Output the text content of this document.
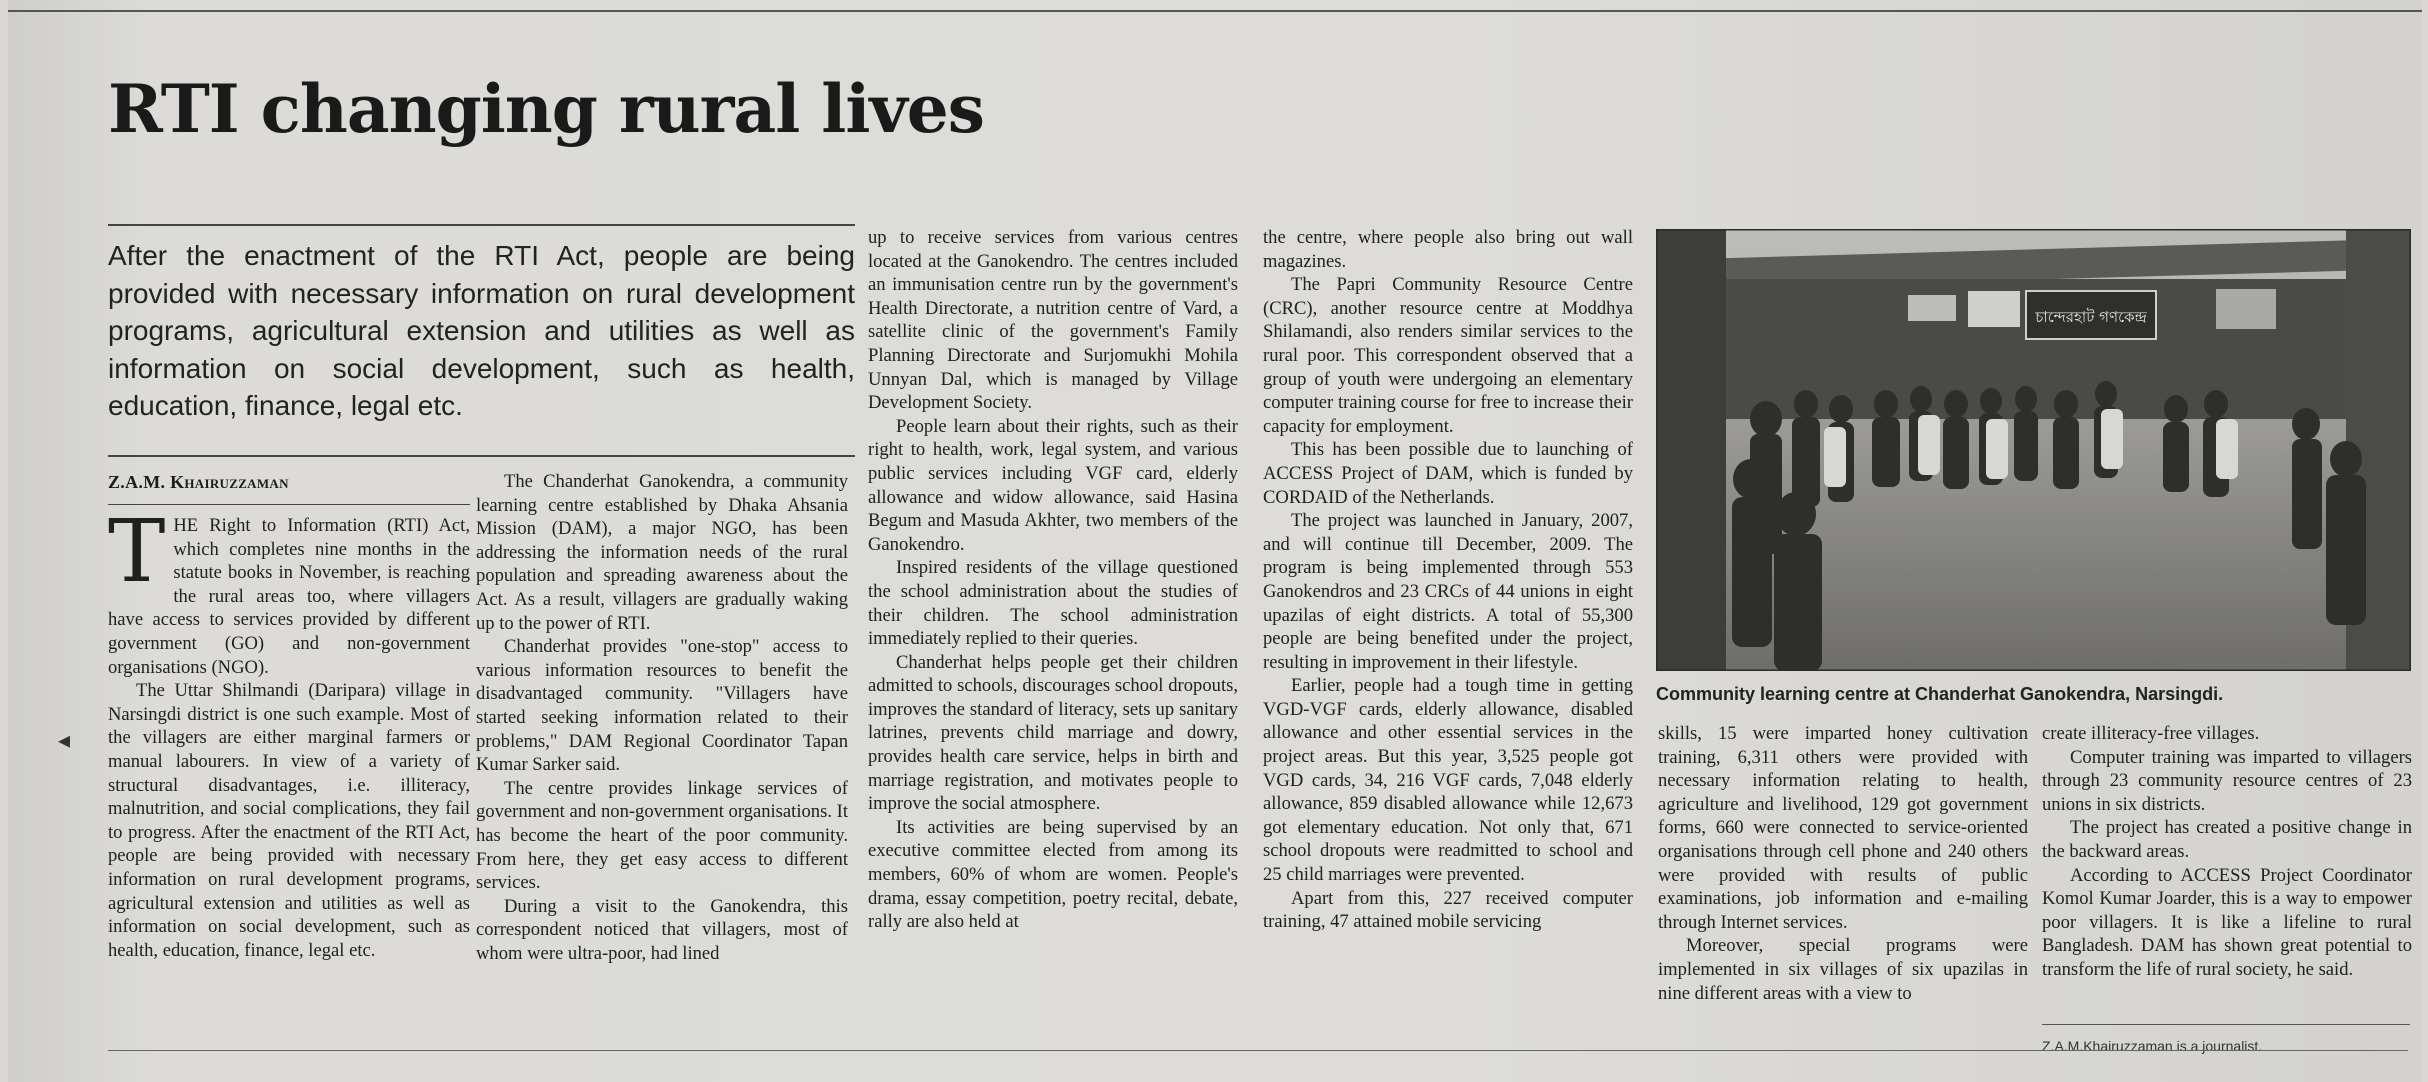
◂
RTI changing rural lives

After the enactment of the RTI Act, people are being provided with necessary information on rural development programs, agricultural extension and utilities as well as information on social development, such as health, education, finance, legal etc.

Z.A.M. Khairuzzaman

THE Right to Information (RTI) Act, which completes nine months in the statute books in November, is reaching the rural areas too, where villagers have access to services provided by different government (GO) and non-government organisations (NGO).

The Uttar Shilmandi (Daripara) village in Narsingdi district is one such example. Most of the villagers are either marginal farmers or manual labourers. In view of a variety of structural disadvantages, i.e. illiteracy, malnutrition, and social complications, they fail to progress. After the enactment of the RTI Act, people are being provided with necessary information on rural development programs, agricultural extension and utilities as well as information on social development, such as health, education, finance, legal etc.

The Chanderhat Ganokendra, a community learning centre established by Dhaka Ahsania Mission (DAM), a major NGO, has been addressing the information needs of the rural population and spreading awareness about the Act. As a result, villagers are gradually waking up to the power of RTI.

Chanderhat provides "one-stop" access to various information resources to benefit the disadvantaged community. "Villagers have started seeking information related to their problems," DAM Regional Coordinator Tapan Kumar Sarker said.

The centre provides linkage services of government and non-government organisations. It has become the heart of the poor community. From here, they get easy access to different services.

During a visit to the Ganokendra, this correspondent noticed that villagers, most of whom were ultra-poor, had lined

up to receive services from various centres located at the Ganokendro. The centres included an immunisation centre run by the government's Health Directorate, a nutrition centre of Vard, a satellite clinic of the government's Family Planning Directorate and Surjomukhi Mohila Unnyan Dal, which is managed by Village Development Society.

People learn about their rights, such as their right to health, work, legal system, and various public services including VGF card, elderly allowance and widow allowance, said Hasina Begum and Masuda Akhter, two members of the Ganokendro.

Inspired residents of the village questioned the school administration about the studies of their children. The school administration immediately replied to their queries.

Chanderhat helps people get their children admitted to schools, discourages school dropouts, improves the standard of literacy, sets up sanitary latrines, prevents child marriage and dowry, provides health care service, helps in birth and marriage registration, and motivates people to improve the social atmosphere.

Its activities are being supervised by an executive committee elected from among its members, 60% of whom are women. People's drama, essay competition, poetry recital, debate, rally are also held at

the centre, where people also bring out wall magazines.

The Papri Community Resource Centre (CRC), another resource centre at Moddhya Shilamandi, also renders similar services to the rural poor. This correspondent observed that a group of youth were undergoing an elementary computer training course for free to increase their capacity for employment.

This has been possible due to launching of ACCESS Project of DAM, which is funded by CORDAID of the Netherlands.

The project was launched in January, 2007, and will continue till December, 2009. The program is being implemented through 553 Ganokendros and 23 CRCs of 44 unions in eight upazilas of eight districts. A total of 55,300 people are being benefited under the project, resulting in improvement in their lifestyle.

Earlier, people had a tough time in getting VGD-VGF cards, elderly allowance, disabled allowance and other essential services in the project areas. But this year, 3,525 people got VGD cards, 34, 216 VGF cards, 7,048 elderly allowance, 859 disabled allowance while 12,673 got elementary education. Not only that, 671 school dropouts were readmitted to school and 25 child marriages were prevented.

Apart from this, 227 received computer training, 47 attained mobile servicing

চান্দেরহাট গণকেন্দ্র

Community learning centre at Chanderhat Ganokendra, Narsingdi.

skills, 15 were imparted honey cultivation training, 6,311 others were provided with necessary information relating to health, agriculture and livelihood, 129 got government forms, 660 were connected to service-oriented organisations through cell phone and 240 others were provided with results of public examinations, job information and e-mailing through Internet services.

Moreover, special programs were implemented in six villages of six upazilas in nine different areas with a view to

create illiteracy-free villages.

Computer training was imparted to villagers through 23 community resource centres of 23 unions in six districts.

The project has created a positive change in the backward areas.

According to ACCESS Project Coordinator Komol Kumar Joarder, this is a way to empower poor villagers. It is like a lifeline to rural Bangladesh. DAM has shown great potential to transform the life of rural society, he said.

Z.A.M.Khairuzzaman is a journalist.
